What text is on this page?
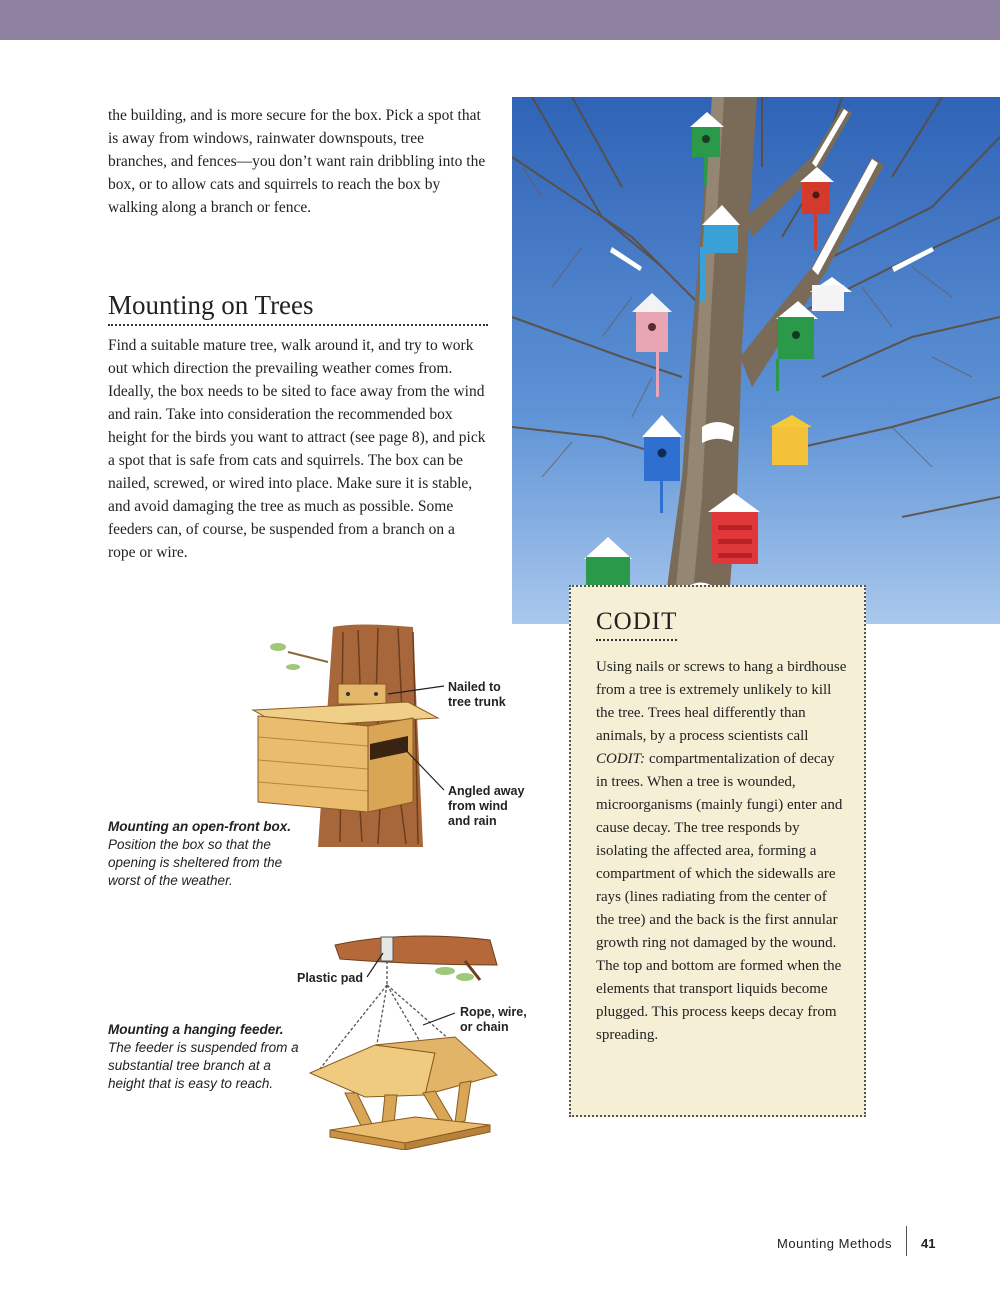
the building, and is more secure for the box. Pick a spot that is away from windows, rainwater downspouts, tree branches, and fences—you don’t want rain dribbling into the box, or to allow cats and squirrels to reach the box by walking along a branch or fence.

Mounting on Trees

Find a suitable mature tree, walk around it, and try to work out which direction the prevailing weather comes from. Ideally, the box needs to be sited to face away from the wind and rain. Take into consideration the recommended box height for the birds you want to attract (see page 8), and pick a spot that is safe from cats and squirrels. The box can be nailed, screwed, or wired into place. Make sure it is stable, and avoid damaging the tree as much as possible. Some feeders can, of course, be suspended from a branch on a rope or wire.

CODIT

Using nails or screws to hang a birdhouse from a tree is extremely unlikely to kill the tree. Trees heal differently than animals, by a process scientists call CODIT: compartmentalization of decay in trees. When a tree is wounded, microorganisms (mainly fungi) enter and cause decay. The tree responds by isolating the affected area, forming a compartment of which the sidewalls are rays (lines radiating from the center of the tree) and the back is the first annular growth ring not damaged by the wound. The top and bottom are formed when the elements that transport liquids become plugged. This process keeps decay from spreading.

Nailed to
tree trunk
Angled away
from wind
and rain

Mounting an open-front box. Position the box so that the opening is sheltered from the worst of the weather.

Plastic pad
Rope, wire,
or chain

Mounting a hanging feeder. The feeder is suspended from a substantial tree branch at a height that is easy to reach.

Mounting Methods 41
